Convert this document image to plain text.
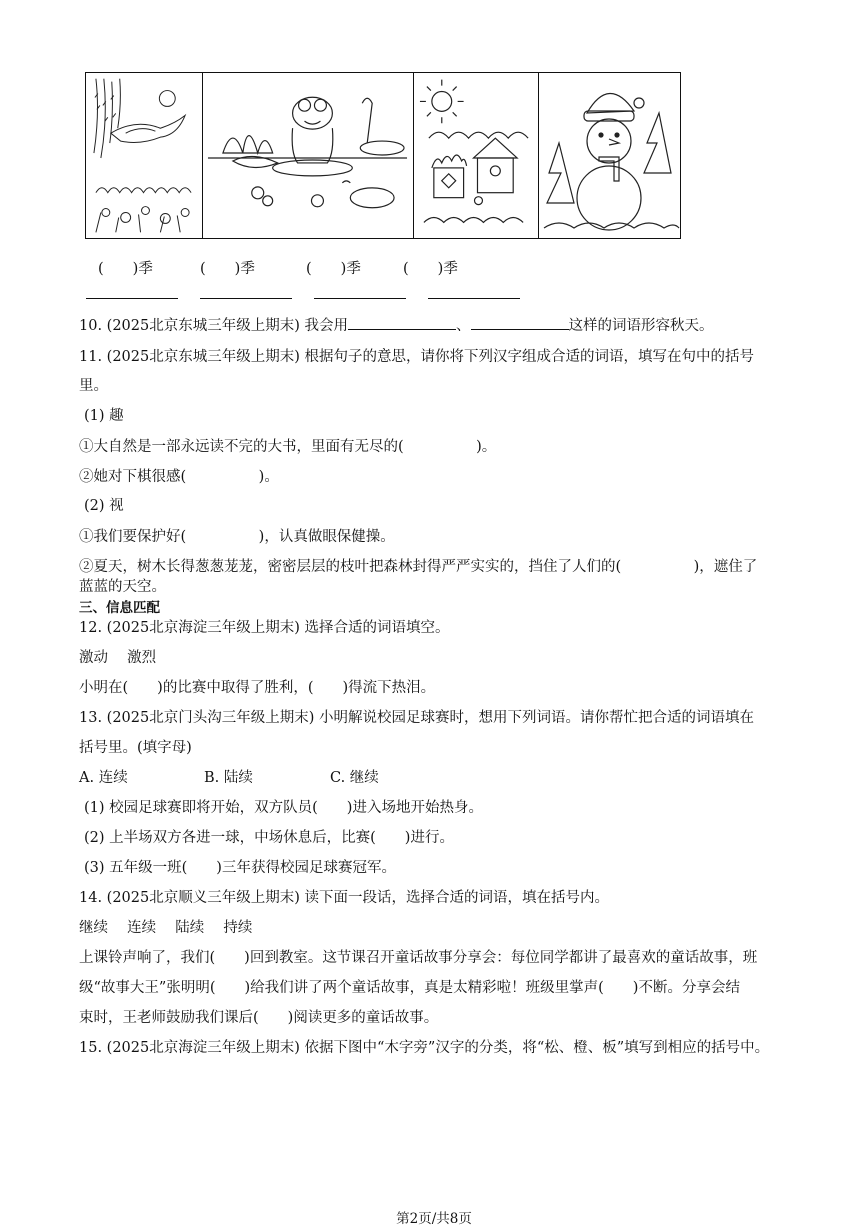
(　　)季	(　　)季	(　　)季	(　　)季
10. (2025北京东城三年级上期末) 我会用	、	这样的词语形容秋天。
11. (2025北京东城三年级上期末) 根据句子的意思，请你将下列汉字组成合适的词语，填写在句中的括号
里。
(1) 趣
①大自然是一部永远读不完的大书，里面有无尽的(　　　　　)。
②她对下棋很感(　　　　　)。
(2) 视
①我们要保护好(　　　　　)，认真做眼保健操。
②夏天，树木长得葱葱茏茏，密密层层的枝叶把森林封得严严实实的，挡住了人们的(　　　　　)，遮住了
蓝蓝的天空。
三、信息匹配
12. (2025北京海淀三年级上期末) 选择合适的词语填空。
激动　 激烈
小明在(　　)的比赛中取得了胜利，(　　)得流下热泪。
13. (2025北京门头沟三年级上期末) 小明解说校园足球赛时，想用下列词语。请你帮忙把合适的词语填在
括号里。(填字母)
A. 连续	B. 陆续	C. 继续
(1) 校园足球赛即将开始，双方队员(　　)进入场地开始热身。
(2) 上半场双方各进一球，中场休息后，比赛(　　)进行。
(3) 五年级一班(　　)三年获得校园足球赛冠军。
14. (2025北京顺义三年级上期末) 读下面一段话，选择合适的词语，填在括号内。
继续　 连续　 陆续　 持续
上课铃声响了，我们(　　)回到教室。这节课召开童话故事分享会：每位同学都讲了最喜欢的童话故事，班
级“故事大王”张明明(　　)给我们讲了两个童话故事，真是太精彩啦！班级里掌声(　　)不断。分享会结
束时，王老师鼓励我们课后(　　)阅读更多的童话故事。
15. (2025北京海淀三年级上期末) 依据下图中“木字旁”汉字的分类，将“松、橙、板”填写到相应的括号中。
第2页/共8页
